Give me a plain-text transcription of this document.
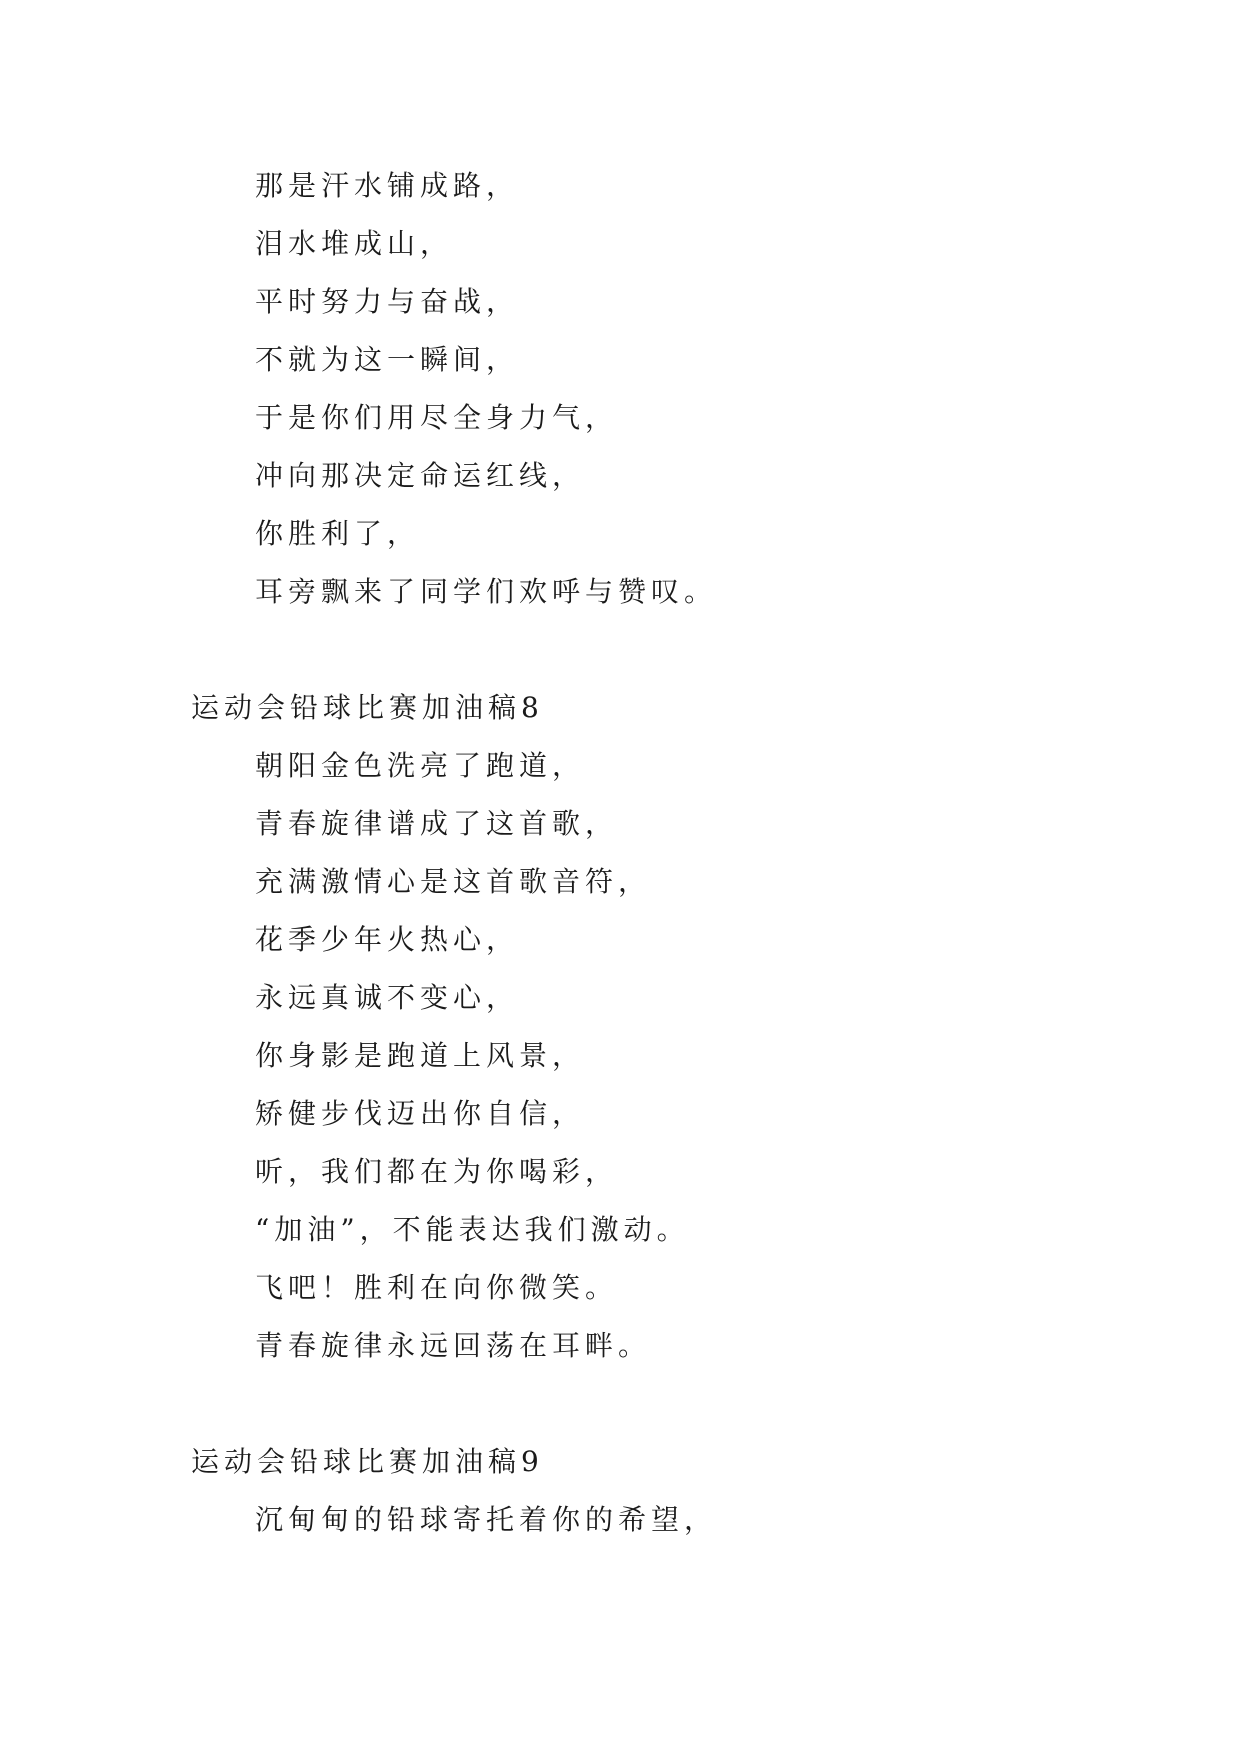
那是汗水铺成路，
泪水堆成山，
平时努力与奋战，
不就为这一瞬间，
于是你们用尽全身力气，
冲向那决定命运红线，
你胜利了，
耳旁飘来了同学们欢呼与赞叹。
运动会铅球比赛加油稿8
朝阳金色洗亮了跑道，
青春旋律谱成了这首歌，
充满激情心是这首歌音符，
花季少年火热心，
永远真诚不变心，
你身影是跑道上风景，
矫健步伐迈出你自信，
听，我们都在为你喝彩，
“加油”，不能表达我们激动。
飞吧！胜利在向你微笑。
青春旋律永远回荡在耳畔。
运动会铅球比赛加油稿9
沉甸甸的铅球寄托着你的希望，
